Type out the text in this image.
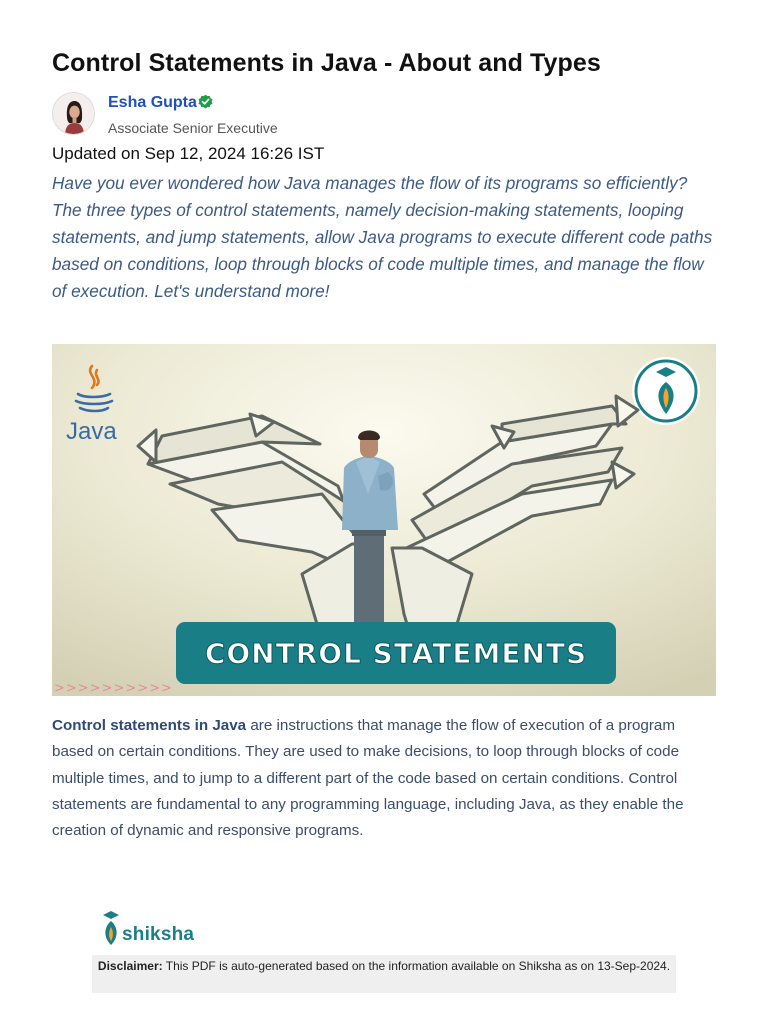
Control Statements in Java - About and Types
Esha Gupta
Associate Senior Executive
Updated on Sep 12, 2024 16:26 IST

Have you ever wondered how Java manages the flow of its programs so efficiently? The three types of control statements, namely decision-making statements, looping statements, and jump statements, allow Java programs to execute different code paths based on conditions, loop through blocks of code multiple times, and manage the flow of execution. Let's understand more!

Java
CONTROL STATEMENTS
>>>>>>>>>>

Control statements in Java are instructions that manage the flow of execution of a program based on certain conditions. They are used to make decisions, to loop through blocks of code multiple times, and to jump to a different part of the code based on certain conditions. Control statements are fundamental to any programming language, including Java, as they enable the creation of dynamic and responsive programs.

shiksha
Disclaimer: This PDF is auto-generated based on the information available on Shiksha as on 13-Sep-2024.
